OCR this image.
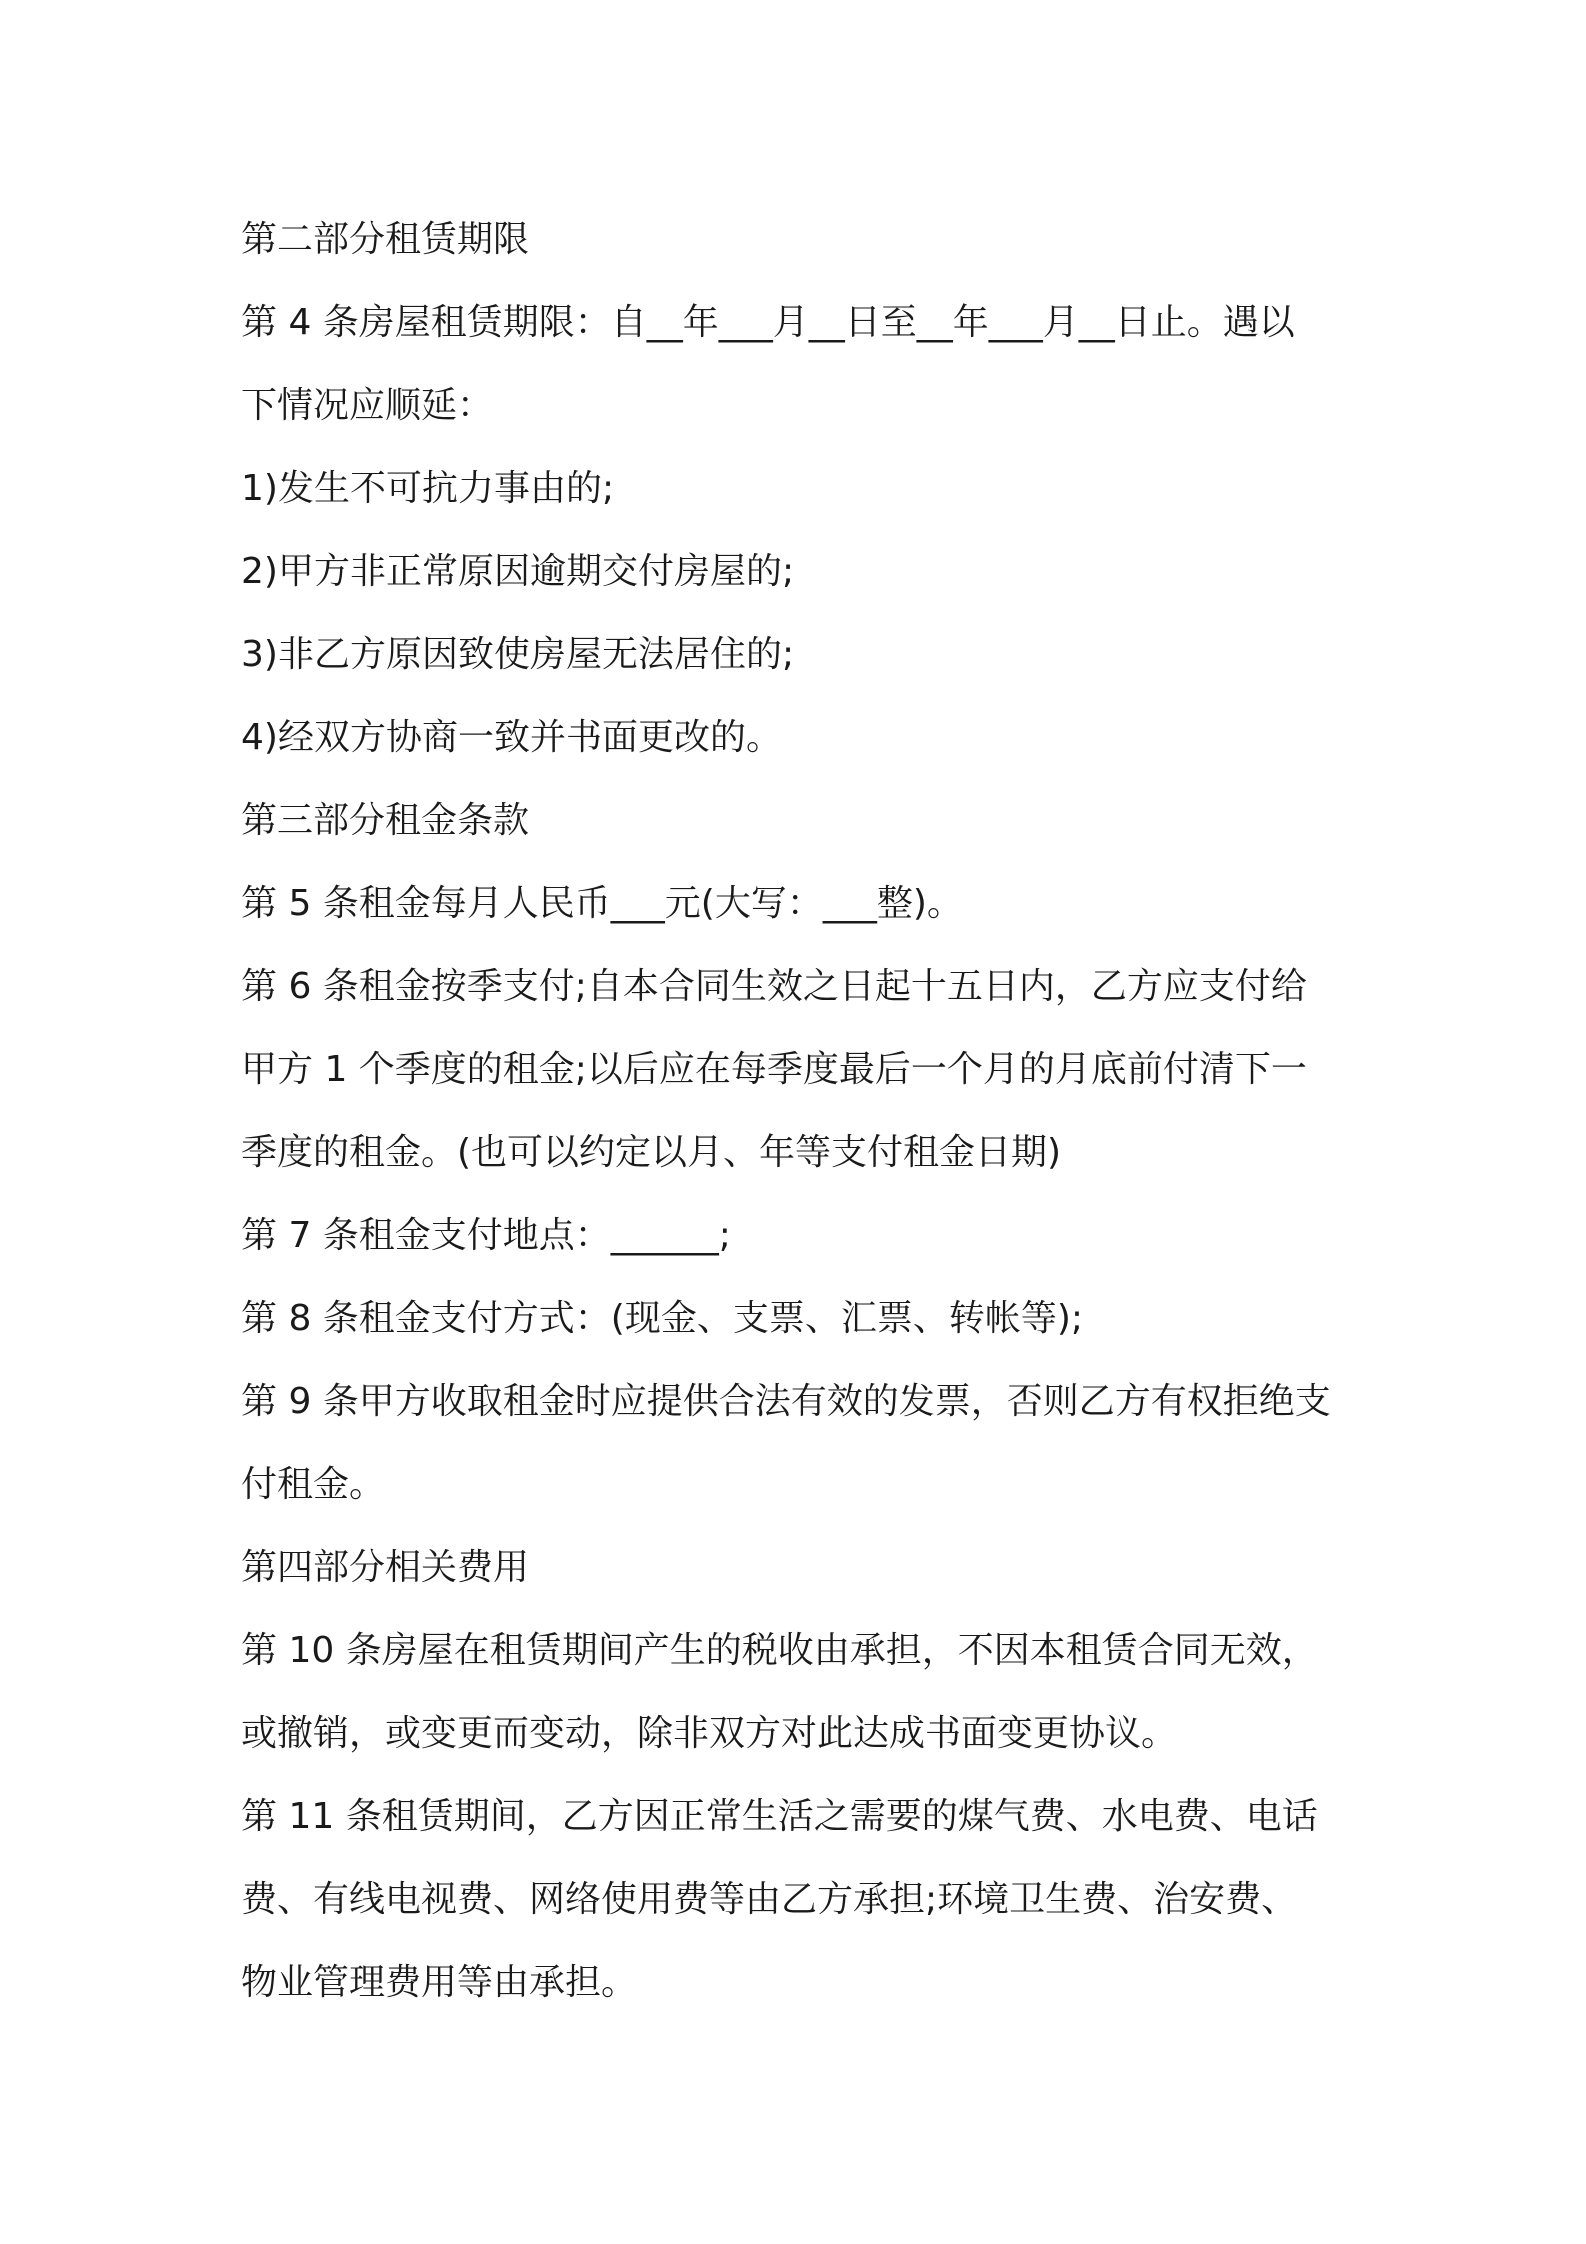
第二部分租赁期限

第 4 条房屋租赁期限：自__年___月__日至__年___月__日止。遇以

下情况应顺延：

1)发生不可抗力事由的;

2)甲方非正常原因逾期交付房屋的;

3)非乙方原因致使房屋无法居住的;

4)经双方协商一致并书面更改的。

第三部分租金条款

第 5 条租金每月人民币___元(大写：___整)。

第 6 条租金按季支付;自本合同生效之日起十五日内，乙方应支付给

甲方 1 个季度的租金;以后应在每季度最后一个月的月底前付清下一

季度的租金。(也可以约定以月、年等支付租金日期)

第 7 条租金支付地点：______;

第 8 条租金支付方式：(现金、支票、汇票、转帐等);

第 9 条甲方收取租金时应提供合法有效的发票，否则乙方有权拒绝支

付租金。

第四部分相关费用

第 10 条房屋在租赁期间产生的税收由承担，不因本租赁合同无效，

或撤销，或变更而变动，除非双方对此达成书面变更协议。

第 11 条租赁期间，乙方因正常生活之需要的煤气费、水电费、电话

费、有线电视费、网络使用费等由乙方承担;环境卫生费、治安费、

物业管理费用等由承担。
